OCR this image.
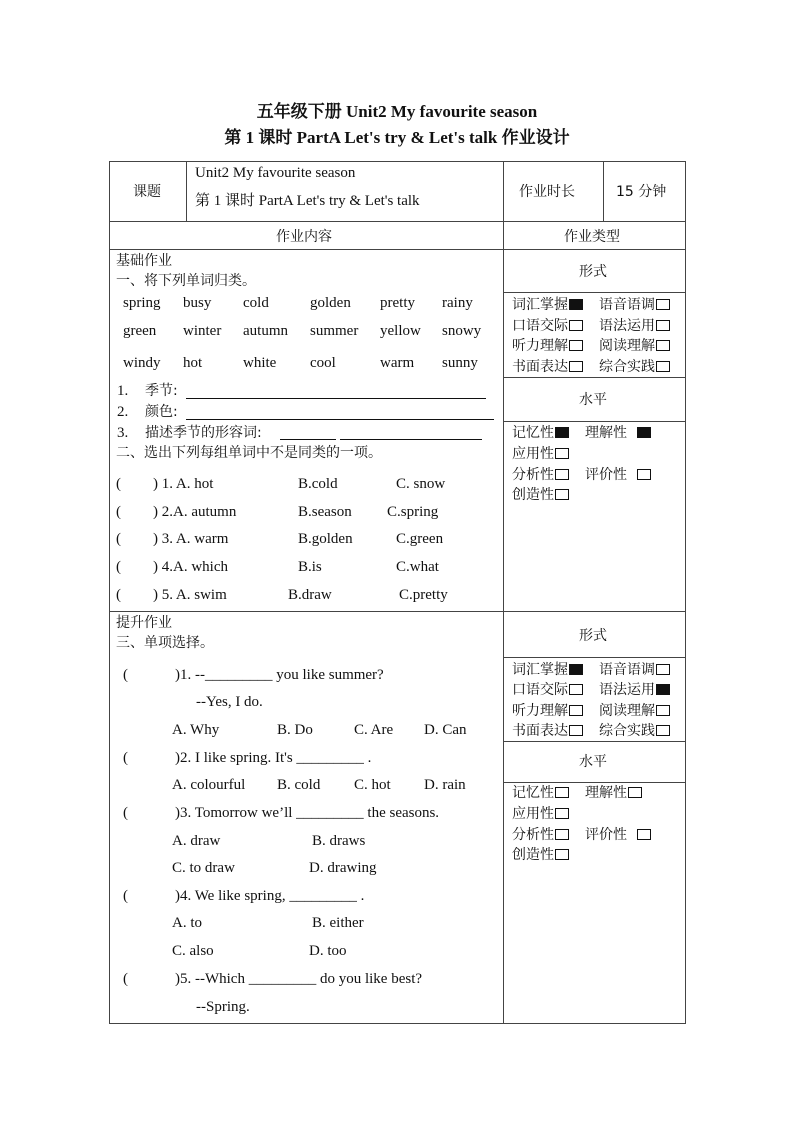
五年级下册 Unit2 My favourite season
第 1 课时 PartA Let's try & Let's talk 作业设计
课题
Unit2 My favourite season
第 1 课时 PartA Let's try & Let's talk
作业时长	15 分钟
作业内容	作业类型
基础作业
一、将下列单词归类。
spring busy cold	golden pretty rainy
green winter autumn summer yellow snowy
windy hot	white cool	warm sunny
1. 季节:
2. 颜色:
3. 描述季节的形容词:
二、选出下列每组单词中不是同类的一项。
( ) 1. A. hot	B.cold	C. snow
( ) 2.A. autumn	B.season C.spring
( ) 3. A. warm	B.golden	C.green
( ) 4.A. which	B.is	C.what
( ) 5. A. swim	B.draw	C.pretty
提升作业
三、单项选择。
(	)1. --_________ you like summer?
--Yes, I do.
A. Why	B. Do	C. Are D. Can
(	)2. I like spring. It's _________ .
A. colourful B. cold C. hot D. rain
(	)3. Tomorrow we’ll _________ the seasons.
A. draw	B. draws
C. to draw	D. drawing
(	)4. We like spring, _________ .
A. to	B. either
C. also	D. too
(	)5. --Which _________ do you like best?
--Spring.
形式
词汇掌握	语音语调
口语交际	语法运用
听力理解	阅读理解
书面表达	综合实践
水平
记忆性	理解性
应用性
分析性	评价性
创造性
形式
词汇掌握	语音语调
口语交际	语法运用
听力理解	阅读理解
书面表达	综合实践
水平
记忆性	理解性
应用性
分析性	评价性
创造性
